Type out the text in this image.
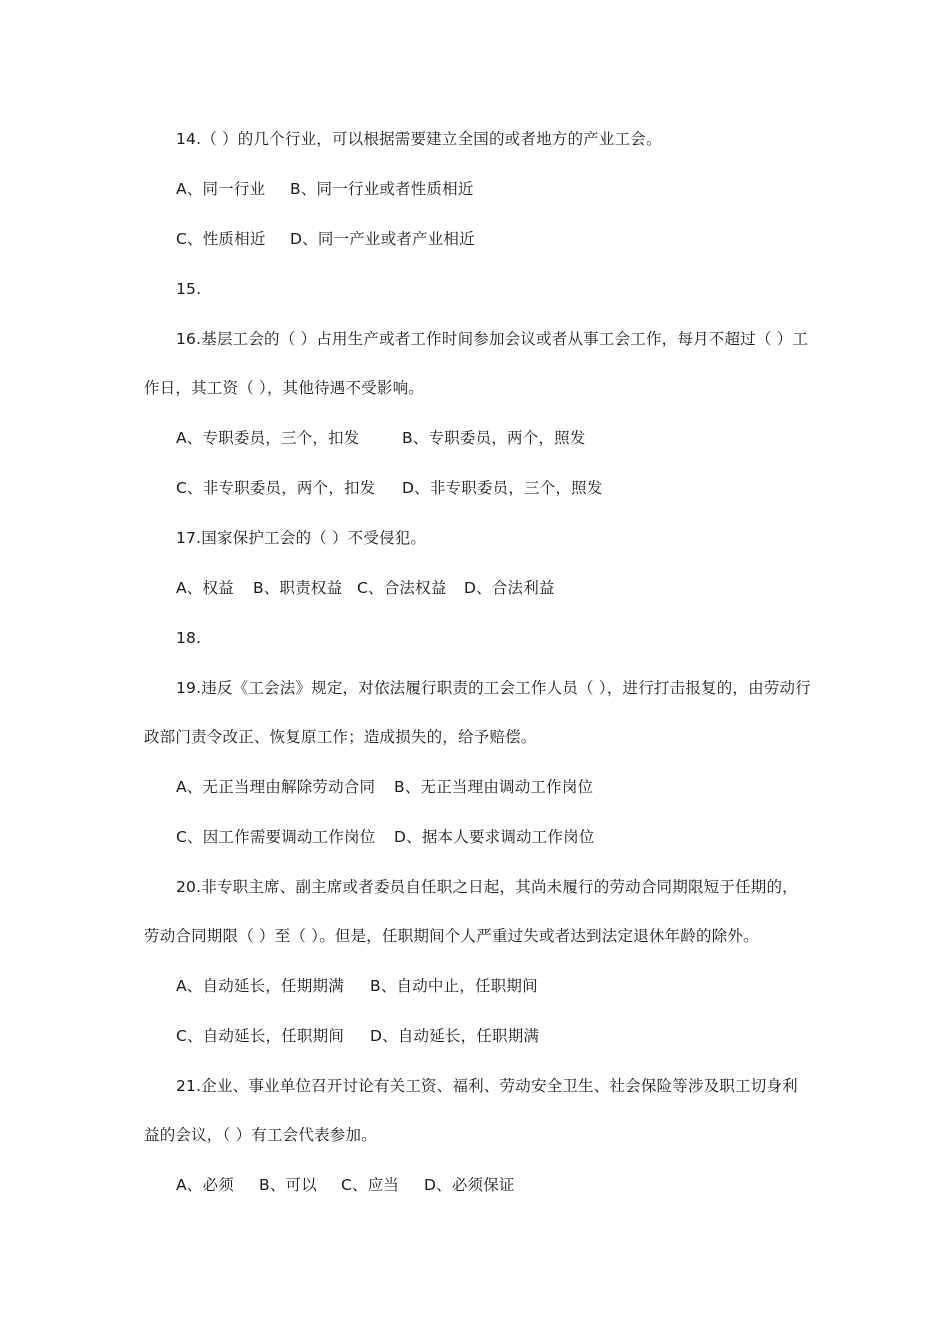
14.（ ）的几个行业，可以根据需要建立全国的或者地方的产业工会。
A、同一行业 B、同一行业或者性质相近
C、性质相近 D、同一产业或者产业相近
15.
16.基层工会的（ ）占用生产或者工作时间参加会议或者从事工会工作，每月不超过（ ）工
作日，其工资（ ），其他待遇不受影响。
A、专职委员，三个，扣发	B、专职委员，两个，照发
C、非专职委员，两个，扣发 D、非专职委员，三个，照发
17.国家保护工会的（ ）不受侵犯。
A、权益 B、职责权益 C、合法权益 D、合法利益
18.
19.违反《工会法》规定，对依法履行职责的工会工作人员（ ），进行打击报复的，由劳动行
政部门责令改正、恢复原工作；造成损失的，给予赔偿。
A、无正当理由解除劳动合同 B、无正当理由调动工作岗位
C、因工作需要调动工作岗位 D、据本人要求调动工作岗位
20.非专职主席、副主席或者委员自任职之日起，其尚未履行的劳动合同期限短于任期的，
劳动合同期限（ ）至（ ）。但是，任职期间个人严重过失或者达到法定退休年龄的除外。
A、自动延长，任期期满 B、自动中止，任职期间
C、自动延长，任职期间 D、自动延长，任职期满
21.企业、事业单位召开讨论有关工资、福利、劳动安全卫生、社会保险等涉及职工切身利
益的会议，（ ）有工会代表参加。
A、必须 B、可以 C、应当 D、必须保证
